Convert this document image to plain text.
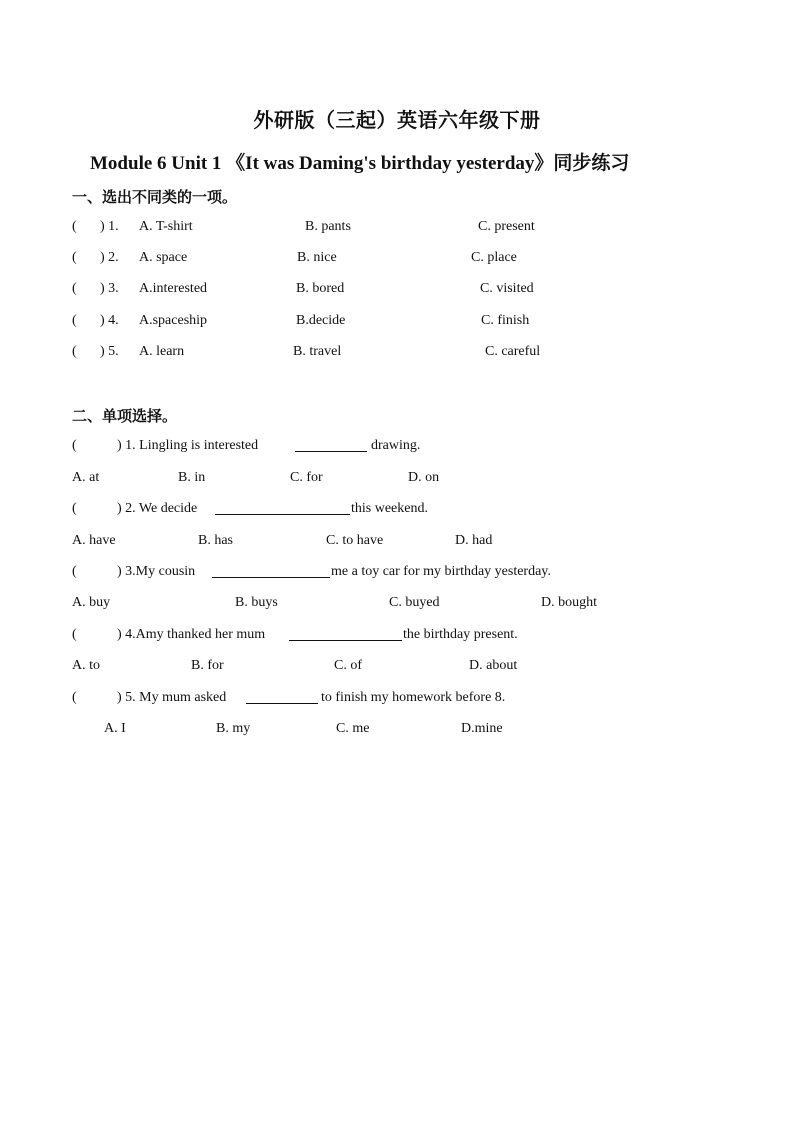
外研版（三起）英语六年级下册
Module 6 Unit 1 《It was Daming's birthday yesterday》同步练习
一、选出不同类的一项。
( ) 1. A. T-shirt	B. pants	C. present
( ) 2. A. space	B. nice	C. place
( ) 3. A.interested	B. bored	C. visited
( ) 4. A.spaceship	B.decide	C. finish
( ) 5. A. learn	B. travel	C. careful
二、单项选择。
(	) 1. Lingling is interested	drawing.
A. at	B. in	C. for	D. on
(	) 2. We decide	this weekend.
A. have	B. has	C. to have	D. had
(	) 3.My cousin	me a toy car for my birthday yesterday.
A. buy	B. buys	C. buyed	D. bought
(	) 4.Amy thanked her mum	the birthday present.
A. to	B. for	C. of	D. about
(	) 5. My mum asked	to finish my homework before 8.
A. I	B. my	C. me	D.mine
